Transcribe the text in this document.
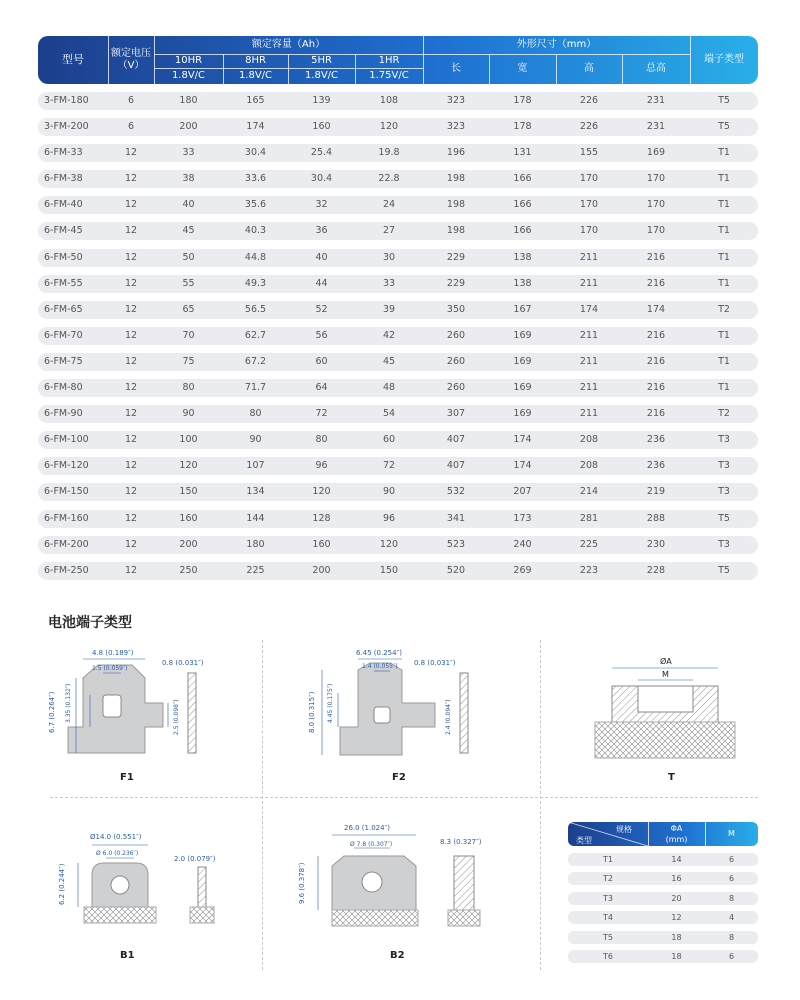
型号	额定电压（V）
额定容量（Ah）
10HR	8HR	5HR	1HR
1.8V/C	1.8V/C	1.8V/C	1.75V/C
外形尺寸（mm）
长	宽	高	总高
端子类型
3-FM-180	6	180	165	139	108	323	178	226	231	T5
3-FM-200	6	200	174	160	120	323	178	226	231	T5
6-FM-33	12	33	30.4	25.4	19.8	196	131	155	169	T1
6-FM-38	12	38	33.6	30.4	22.8	198	166	170	170	T1
6-FM-40	12	40	35.6	32	24	198	166	170	170	T1
6-FM-45	12	45	40.3	36	27	198	166	170	170	T1
6-FM-50	12	50	44.8	40	30	229	138	211	216	T1
6-FM-55	12	55	49.3	44	33	229	138	211	216	T1
6-FM-65	12	65	56.5	52	39	350	167	174	174	T2
6-FM-70	12	70	62.7	56	42	260	169	211	216	T1
6-FM-75	12	75	67.2	60	45	260	169	211	216	T1
6-FM-80	12	80	71.7	64	48	260	169	211	216	T1
6-FM-90	12	90	80	72	54	307	169	211	216	T2
6-FM-100	12	100	90	80	60	407	174	208	236	T3
6-FM-120	12	120	107	96	72	407	174	208	236	T3
6-FM-150	12	150	134	120	90	532	207	214	219	T3
6-FM-160	12	160	144	128	96	341	173	281	288	T5
6-FM-200	12	200	180	160	120	523	240	225	230	T3
6-FM-250	12	250	225	200	150	520	269	223	228	T5
电池端子类型
4.8 (0.189″)
1.5 (0.059″)
0.8 (0.031″)
6.7 (0.264″) 3.35 (0.132″)	2.5 (0.098″)
F1
6.45 (0.254″)
1.4 (0.055″) 0.8 (0.031″)
8.0 (0.315″) 4.45 (0.175″)	2.4 (0.094″)
F2
ØA
M
T
Ø14.0 (0.551″)
Ø 6.0 (0.236″)
2.0 (0.079″)
6.2 (0.244″)
B1
26.0 (1.024″)
Ø 7.8 (0.307″)	8.3 (0.327″)
9.6 (0.378″)
B2
规格
类型
ΦA
(mm)
M
T1	14	6
T2	16	6
T3	20	8
T4	12	4
T5	18	8
T6	18	6
